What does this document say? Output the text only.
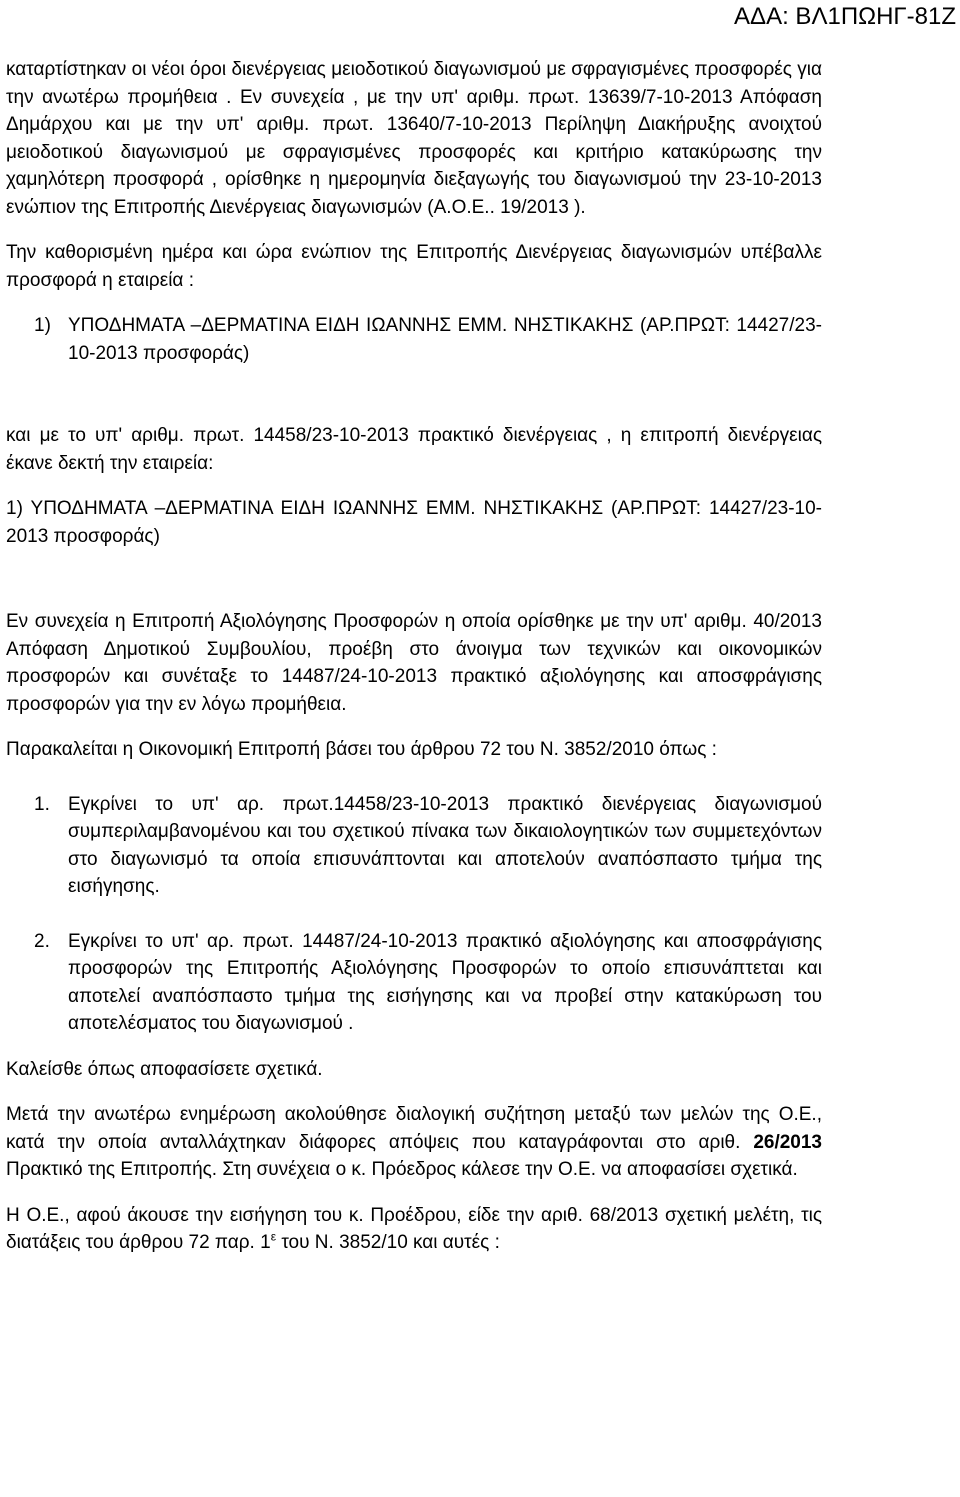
ΑΔΑ: ΒΛ1ΠΩΗΓ-81Ζ

καταρτίστηκαν οι νέοι όροι διενέργειας μειοδοτικού διαγωνισμού με σφραγισμένες προσφορές για την ανωτέρω προμήθεια . Εν συνεχεία , με την υπ' αριθμ. πρωτ. 13639/7-10-2013 Απόφαση Δημάρχου και με την υπ' αριθμ. πρωτ. 13640/7-10-2013 Περίληψη Διακήρυξης ανοιχτού μειοδοτικού διαγωνισμού με σφραγισμένες προσφορές και κριτήριο κατακύρωσης την χαμηλότερη προσφορά , ορίσθηκε η ημερομηνία διεξαγωγής του διαγωνισμού την 23-10-2013 ενώπιον της Επιτροπής Διενέργειας διαγωνισμών (Α.Ο.Ε.. 19/2013 ).

Την καθορισμένη ημέρα και ώρα ενώπιον της Επιτροπής Διενέργειας διαγωνισμών υπέβαλλε προσφορά η εταιρεία :

1) ΥΠΟΔΗΜΑΤΑ –ΔΕΡΜΑΤΙΝΑ ΕΙΔΗ ΙΩΑΝΝΗΣ ΕΜΜ. ΝΗΣΤΙΚΑΚΗΣ (ΑΡ.ΠΡΩΤ: 14427/23-10-2013 προσφοράς)

και με το υπ' αριθμ. πρωτ. 14458/23-10-2013 πρακτικό διενέργειας , η επιτροπή διενέργειας έκανε δεκτή την εταιρεία:

1) ΥΠΟΔΗΜΑΤΑ –ΔΕΡΜΑΤΙΝΑ ΕΙΔΗ ΙΩΑΝΝΗΣ ΕΜΜ. ΝΗΣΤΙΚΑΚΗΣ (ΑΡ.ΠΡΩΤ: 14427/23-10-2013 προσφοράς)

Εν συνεχεία η Επιτροπή Αξιολόγησης Προσφορών η οποία ορίσθηκε με την υπ' αριθμ. 40/2013 Απόφαση Δημοτικού Συμβουλίου, προέβη στο άνοιγμα των τεχνικών και οικονομικών προσφορών και συνέταξε το 14487/24-10-2013 πρακτικό αξιολόγησης και αποσφράγισης προσφορών για την εν λόγω προμήθεια.

Παρακαλείται η Οικονομική Επιτροπή βάσει του άρθρου 72 του Ν. 3852/2010 όπως :

1. Εγκρίνει το υπ' αρ. πρωτ.14458/23-10-2013 πρακτικό διενέργειας διαγωνισμού συμπεριλαμβανομένου και του σχετικού πίνακα των δικαιολογητικών των συμμετεχόντων στο διαγωνισμό τα οποία επισυνάπτονται και αποτελούν αναπόσπαστο τμήμα της εισήγησης.
2. Εγκρίνει το υπ' αρ. πρωτ. 14487/24-10-2013 πρακτικό αξιολόγησης και αποσφράγισης προσφορών της Επιτροπής Αξιολόγησης Προσφορών το οποίο επισυνάπτεται και αποτελεί αναπόσπαστο τμήμα της εισήγησης και να προβεί στην κατακύρωση του αποτελέσματος του διαγωνισμού .

Καλείσθε όπως αποφασίσετε σχετικά.

Μετά την ανωτέρω ενημέρωση ακολούθησε διαλογική συζήτηση μεταξύ των μελών της Ο.Ε., κατά την οποία ανταλλάχτηκαν διάφορες απόψεις που καταγράφονται στο αριθ. 26/2013 Πρακτικό της Επιτροπής. Στη συνέχεια ο κ. Πρόεδρος κάλεσε την Ο.Ε. να αποφασίσει σχετικά.

Η Ο.Ε., αφού άκουσε την εισήγηση του κ. Προέδρου, είδε την αριθ. 68/2013 σχετική μελέτη, τις διατάξεις του άρθρου 72 παρ. $1^\varepsilon$ του Ν. 3852/10 και αυτές :
